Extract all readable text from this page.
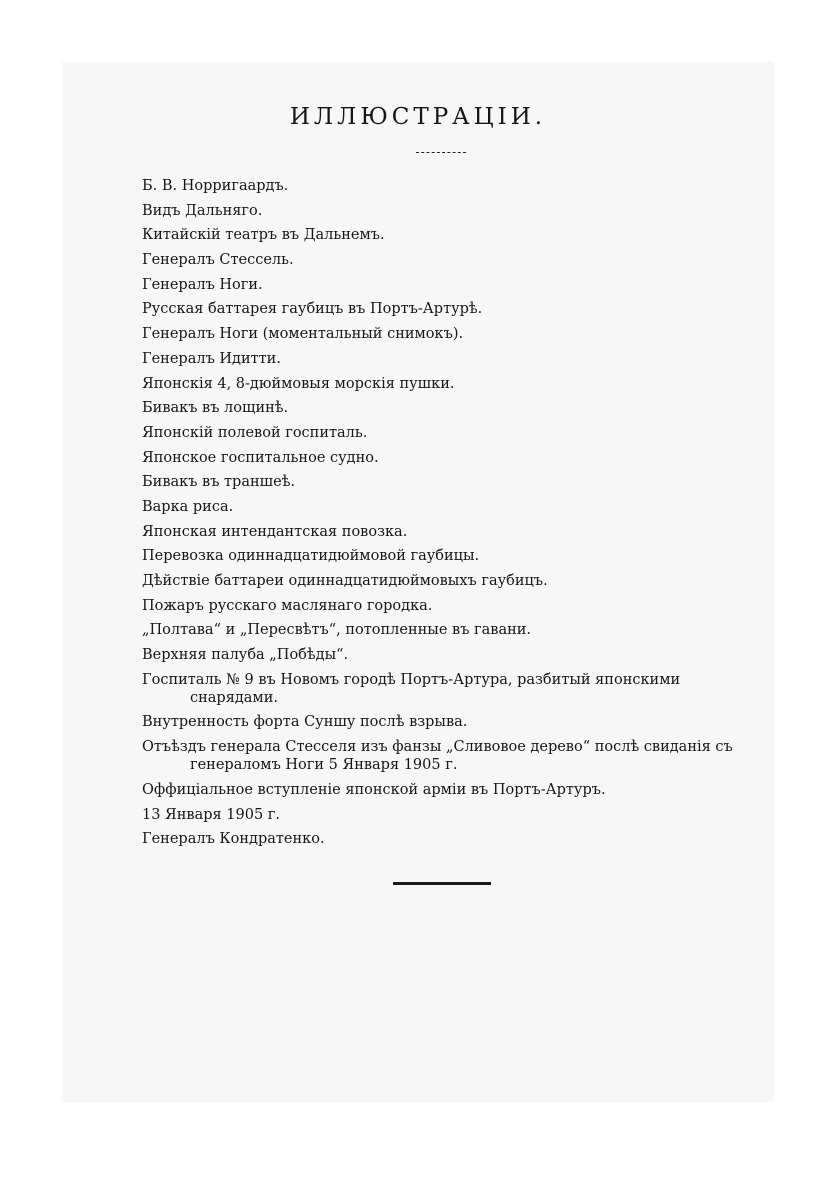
ИЛЛЮСТРАЦІИ.
Б. В. Норригаардъ.
Видъ Дальняго.
Китайскій театръ въ Дальнемъ.
Генералъ Стессель.
Генералъ Ноги.
Русская баттарея гаубицъ въ Портъ-Артурѣ.
Генералъ Ноги (моментальный снимокъ).
Генералъ Идитти.
Японскія 4, 8-дюймовыя морскія пушки.
Бивакъ въ лощинѣ.
Японскій полевой госпиталь.
Японское госпитальное судно.
Бивакъ въ траншеѣ.
Варка риса.
Японская интендантская повозка.
Перевозка одиннадцатидюймовой гаубицы.
Дѣйствіе баттареи одиннадцатидюймовыхъ гаубицъ.
Пожаръ русскаго маслянаго городка.
„Полтава“ и „Пересвѣтъ“, потопленные въ гавани.
Верхняя палуба „Побѣды“.
Госпиталь № 9 въ Новомъ городѣ Портъ-Артура, разбитый японскими снарядами.
Внутренность форта Суншу послѣ взрыва.
Отъѣздъ генерала Стесселя изъ фанзы „Сливовое дерево“ послѣ свиданія съ генераломъ Ноги 5 Января 1905 г.
Оффиціальное вступленіе японской арміи въ Портъ-Артуръ.
13 Января 1905 г.
Генералъ Кондратенко.
